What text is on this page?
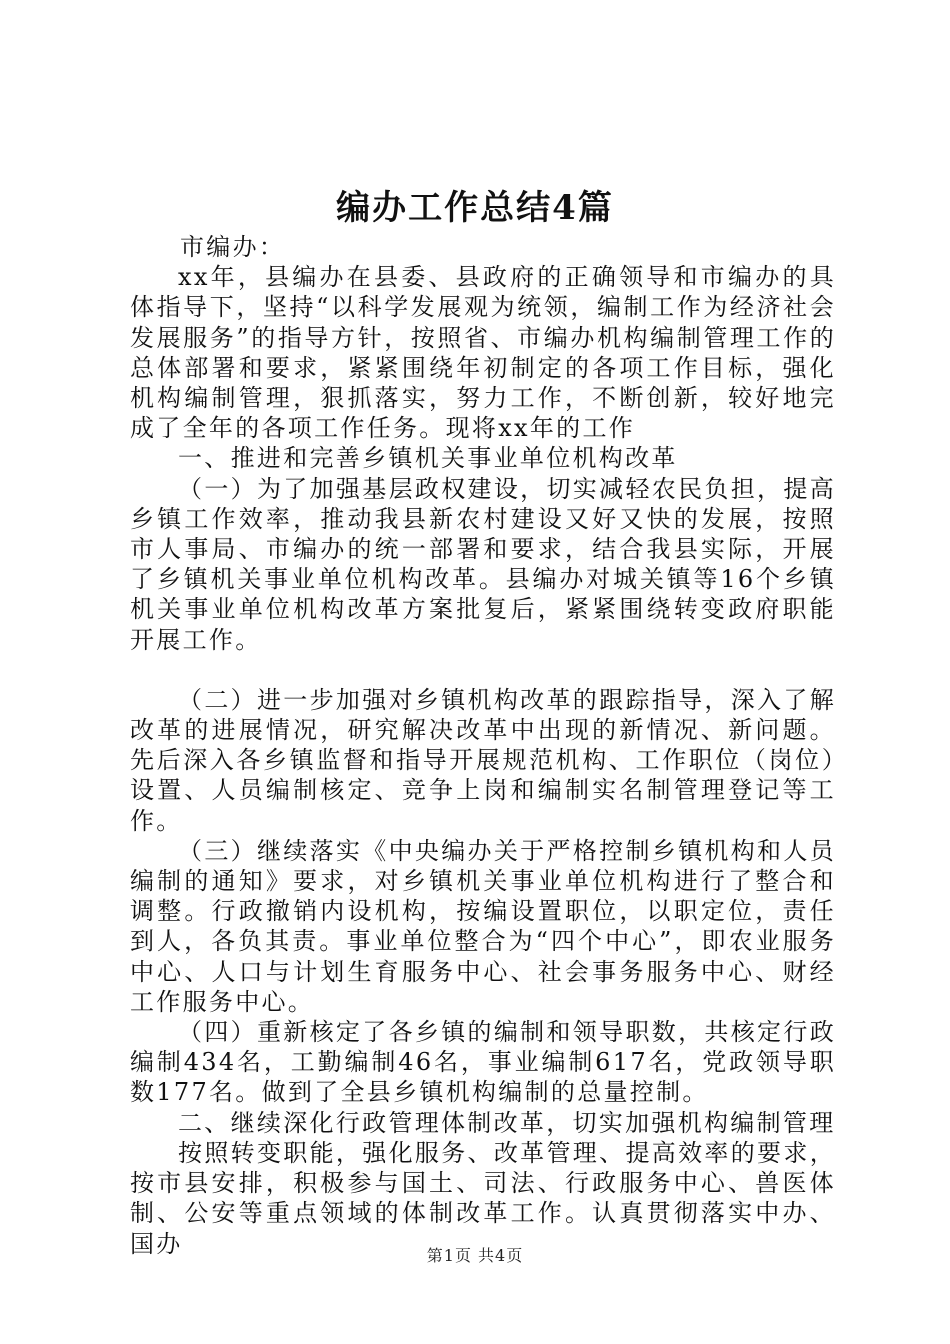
编办工作总结4篇

市编办：

xx年，县编办在县委、县政府的正确领导和市编办的具体指导下，坚持“以科学发展观为统领，编制工作为经济社会发展服务”的指导方针，按照省、市编办机构编制管理工作的总体部署和要求，紧紧围绕年初制定的各项工作目标，强化机构编制管理，狠抓落实，努力工作，不断创新，较好地完成了全年的各项工作任务。现将xx年的工作

一、推进和完善乡镇机关事业单位机构改革

（一）为了加强基层政权建设，切实减轻农民负担，提高乡镇工作效率，推动我县新农村建设又好又快的发展，按照市人事局、市编办的统一部署和要求，结合我县实际，开展了乡镇机关事业单位机构改革。县编办对城关镇等16个乡镇机关事业单位机构改革方案批复后，紧紧围绕转变政府职能开展工作。

（二）进一步加强对乡镇机构改革的跟踪指导，深入了解改革的进展情况，研究解决改革中出现的新情况、新问题。先后深入各乡镇监督和指导开展规范机构、工作职位（岗位）设置、人员编制核定、竞争上岗和编制实名制管理登记等工作。

（三）继续落实《中央编办关于严格控制乡镇机构和人员编制的通知》要求，对乡镇机关事业单位机构进行了整合和调整。行政撤销内设机构，按编设置职位，以职定位，责任到人，各负其责。事业单位整合为“四个中心”，即农业服务中心、人口与计划生育服务中心、社会事务服务中心、财经工作服务中心。

（四）重新核定了各乡镇的编制和领导职数，共核定行政编制434名，工勤编制46名，事业编制617名，党政领导职数177名。做到了全县乡镇机构编制的总量控制。

二、继续深化行政管理体制改革，切实加强机构编制管理

按照转变职能，强化服务、改革管理、提高效率的要求，按市县安排，积极参与国土、司法、行政服务中心、兽医体制、公安等重点领域的体制改革工作。认真贯彻落实中办、国办	第1页 共4页
